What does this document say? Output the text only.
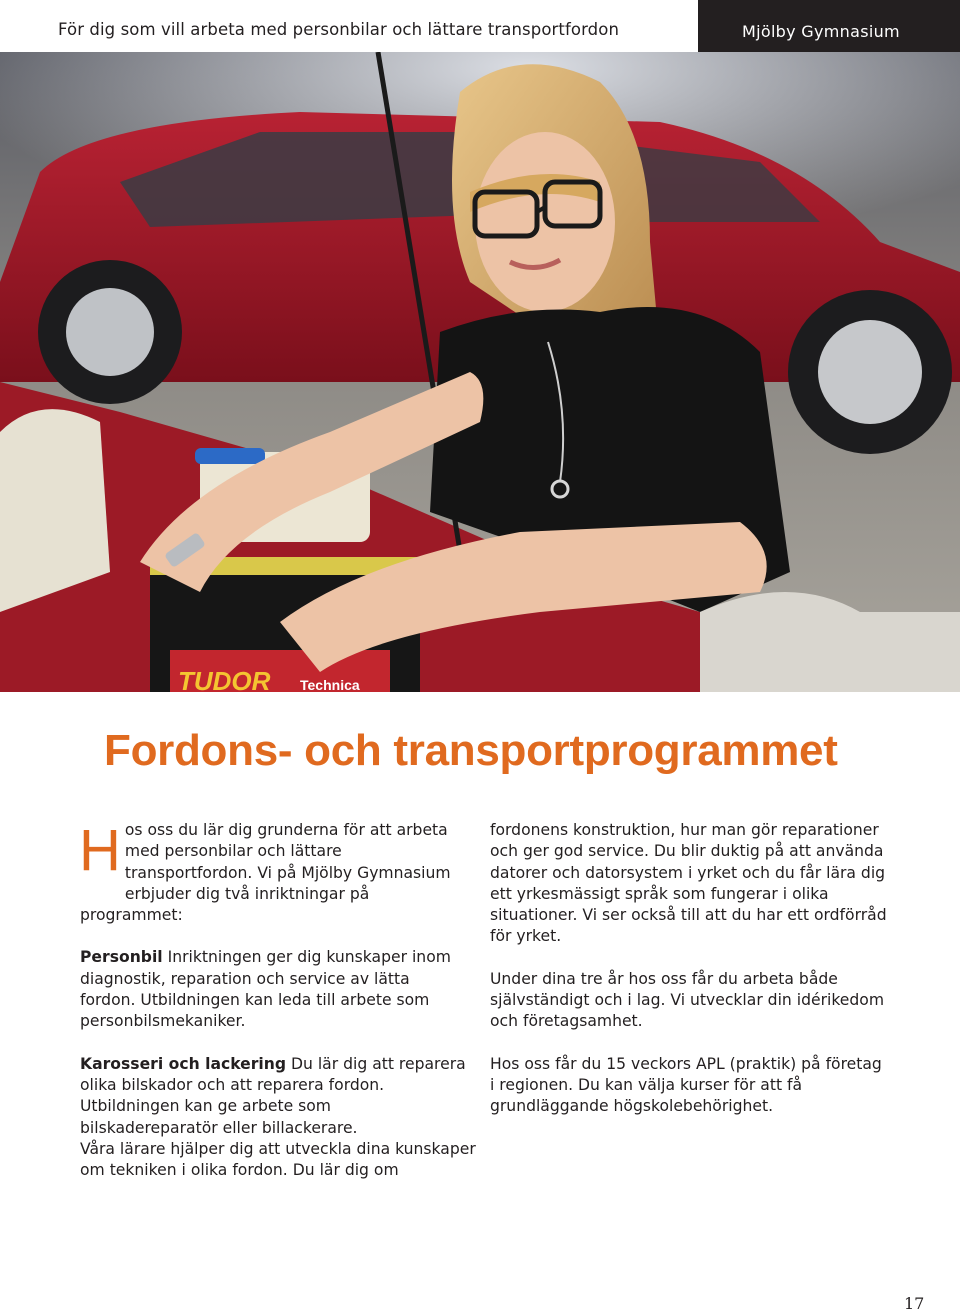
För dig som vill arbeta med personbilar och lättare transportfordon	Mjölby Gymnasium
TUDOR Technica
Fordons- och transportprogrammet

Hos oss du lär dig grunderna för att arbeta med personbilar och lättare transportfordon. Vi på Mjölby Gymnasium erbjuder dig två inriktningar på programmet:

Personbil Inriktningen ger dig kunskaper inom diagnostik, reparation och service av lätta fordon. Utbildningen kan leda till arbete som personbilsmekaniker.

Karosseri och lackering Du lär dig att reparera olika bilskador och att reparera fordon. Utbildningen kan ge arbete som bilskadereparatör eller billackerare.

Våra lärare hjälper dig att utveckla dina kunskaper om tekniken i olika fordon. Du lär dig om

fordonens konstruktion, hur man gör reparationer och ger god service. Du blir duktig på att använda datorer och datorsystem i yrket och du får lära dig ett yrkesmässigt språk som fungerar i olika situationer. Vi ser också till att du har ett ordförråd för yrket.

Under dina tre år hos oss får du arbeta både självständigt och i lag. Vi utvecklar din idérikedom och företagsamhet.

Hos oss får du 15 veckors APL (praktik) på företag i regionen. Du kan välja kurser för att få grundläggande högskolebehörighet.

17
